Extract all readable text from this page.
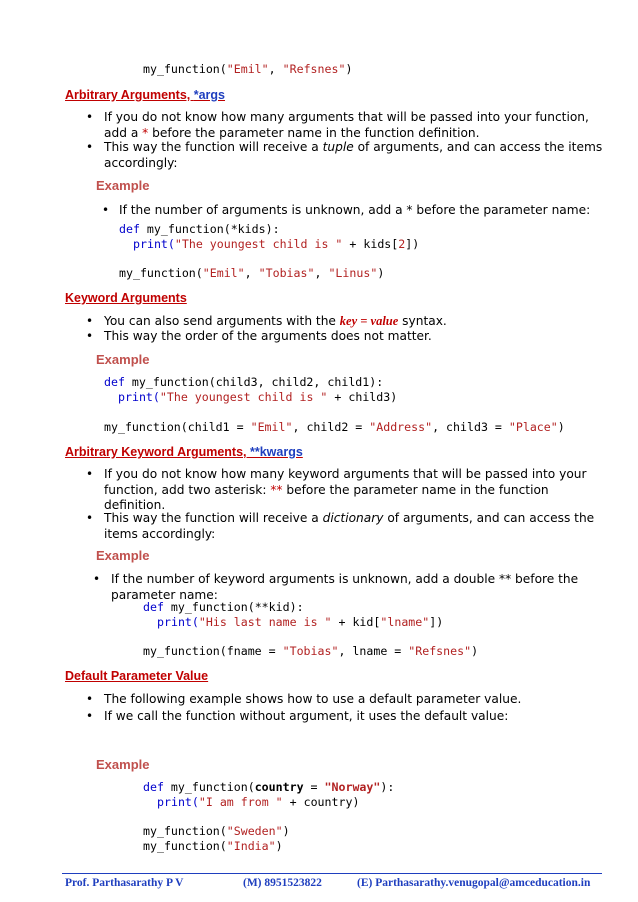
my_function("Emil", "Refsnes")
Arbitrary Arguments, *args
• If you do not know how many arguments that will be passed into your function,
add a * before the parameter name in the function definition.
• This way the function will receive a tuple of arguments, and can access the items
accordingly:
Example
• If the number of arguments is unknown, add a * before the parameter name:
def my_function(*kids):
print("The youngest child is " + kids[2])
my_function("Emil", "Tobias", "Linus")
Keyword Arguments
• You can also send arguments with the key = value syntax.
• This way the order of the arguments does not matter.
Example
def my_function(child3, child2, child1):
print("The youngest child is " + child3)
my_function(child1 = "Emil", child2 = "Address", child3 = "Place")
Arbitrary Keyword Arguments, **kwargs
• If you do not know how many keyword arguments that will be passed into your
function, add two asterisk: ** before the parameter name in the function
definition.
• This way the function will receive a dictionary of arguments, and can access the
items accordingly:
Example
• If the number of keyword arguments is unknown, add a double ** before the
parameter name:
def my_function(**kid):
print("His last name is " + kid["lname"])
my_function(fname = "Tobias", lname = "Refsnes")
Default Parameter Value
• The following example shows how to use a default parameter value.
• If we call the function without argument, it uses the default value:
Example
def my_function(country = "Norway"):
print("I am from " + country)
my_function("Sweden")
my_function("India")
Prof. Parthasarathy P V	(M) 8951523822	(E) Parthasarathy.venugopal@amceducation.in
